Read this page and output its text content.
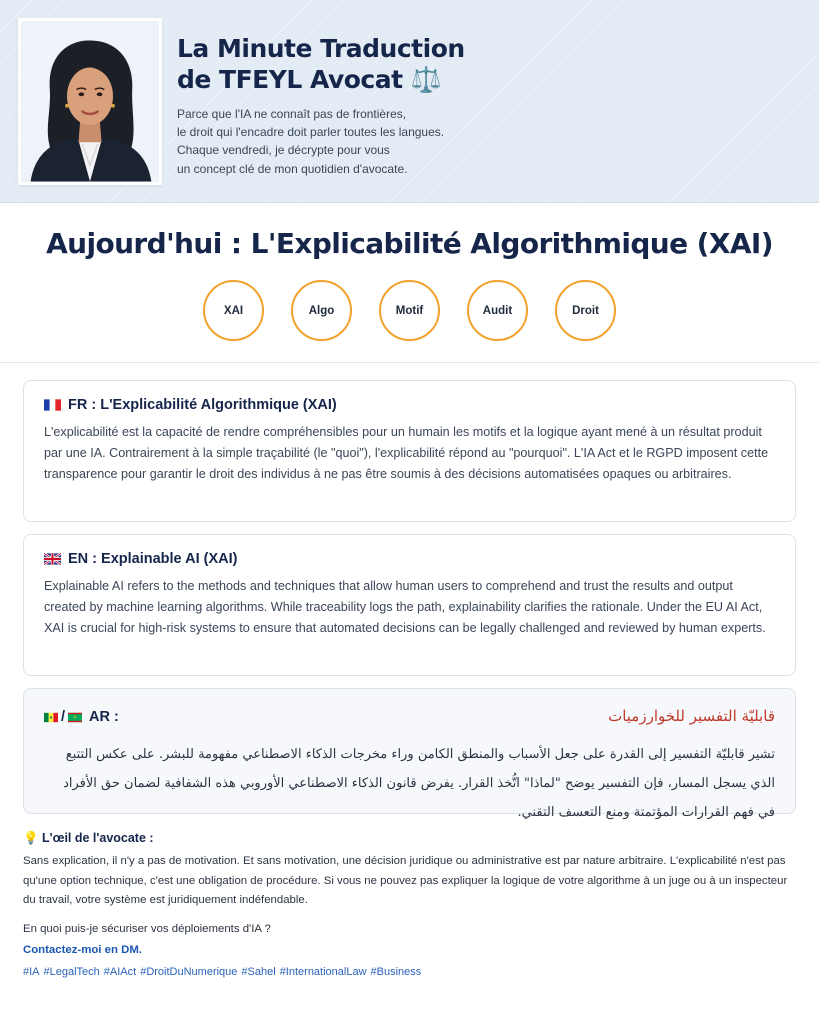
La Minute Traduction
de TFEYL Avocat ⚖️
Parce que l'IA ne connaît pas de frontières,
le droit qui l'encadre doit parler toutes les langues.
Chaque vendredi, je décrypte pour vous
un concept clé de mon quotidien d'avocate.
Aujourd'hui : L'Explicabilité Algorithmique (XAI)
XAI	Algo	Motif	Audit	Droit
FR : L'Explicabilité Algorithmique (XAI)

L'explicabilité est la capacité de rendre compréhensibles pour un humain les motifs et la logique ayant mené à un résultat produit par une IA. Contrairement à la simple traçabilité (le "quoi"), l'explicabilité répond au "pourquoi". L'IA Act et le RGPD imposent cette transparence pour garantir le droit des individus à ne pas être soumis à des décisions automatisées opaques ou arbitraires.

EN : Explainable AI (XAI)

Explainable AI refers to the methods and techniques that allow human users to comprehend and trust the results and output created by machine learning algorithms. While traceability logs the path, explainability clarifies the rationale. Under the EU AI Act, XAI is crucial for high-risk systems to ensure that automated decisions can be legally challenged and reviewed by human experts.

/ AR :	قابليّة التفسير للخوارزميات
تشير قابليّة التفسير إلى القدرة على جعل الأسباب والمنطق الكامن وراء مخرجات الذكاء الاصطناعي مفهومة للبشر. على عكس التتبع الذي يسجل المسار، فإن التفسير يوضح "لماذا" اتُّخذ القرار. يفرض قانون الذكاء الاصطناعي الأوروبي هذه الشفافية لضمان حق الأفراد في فهم القرارات المؤتمتة ومنع التعسف التقني.
💡 L'œil de l'avocate :
Sans explication, il n'y a pas de motivation. Et sans motivation, une décision juridique ou administrative est par nature arbitraire. L'explicabilité n'est pas qu'une option technique, c'est une obligation de procédure. Si vous ne pouvez pas expliquer la logique de votre algorithme à un juge ou à un inspecteur du travail, votre système est juridiquement indéfendable.
En quoi puis-je sécuriser vos déploiements d'IA ?
Contactez-moi en DM.
#IA #LegalTech #AIAct #DroitDuNumerique #Sahel #InternationalLaw #Business
